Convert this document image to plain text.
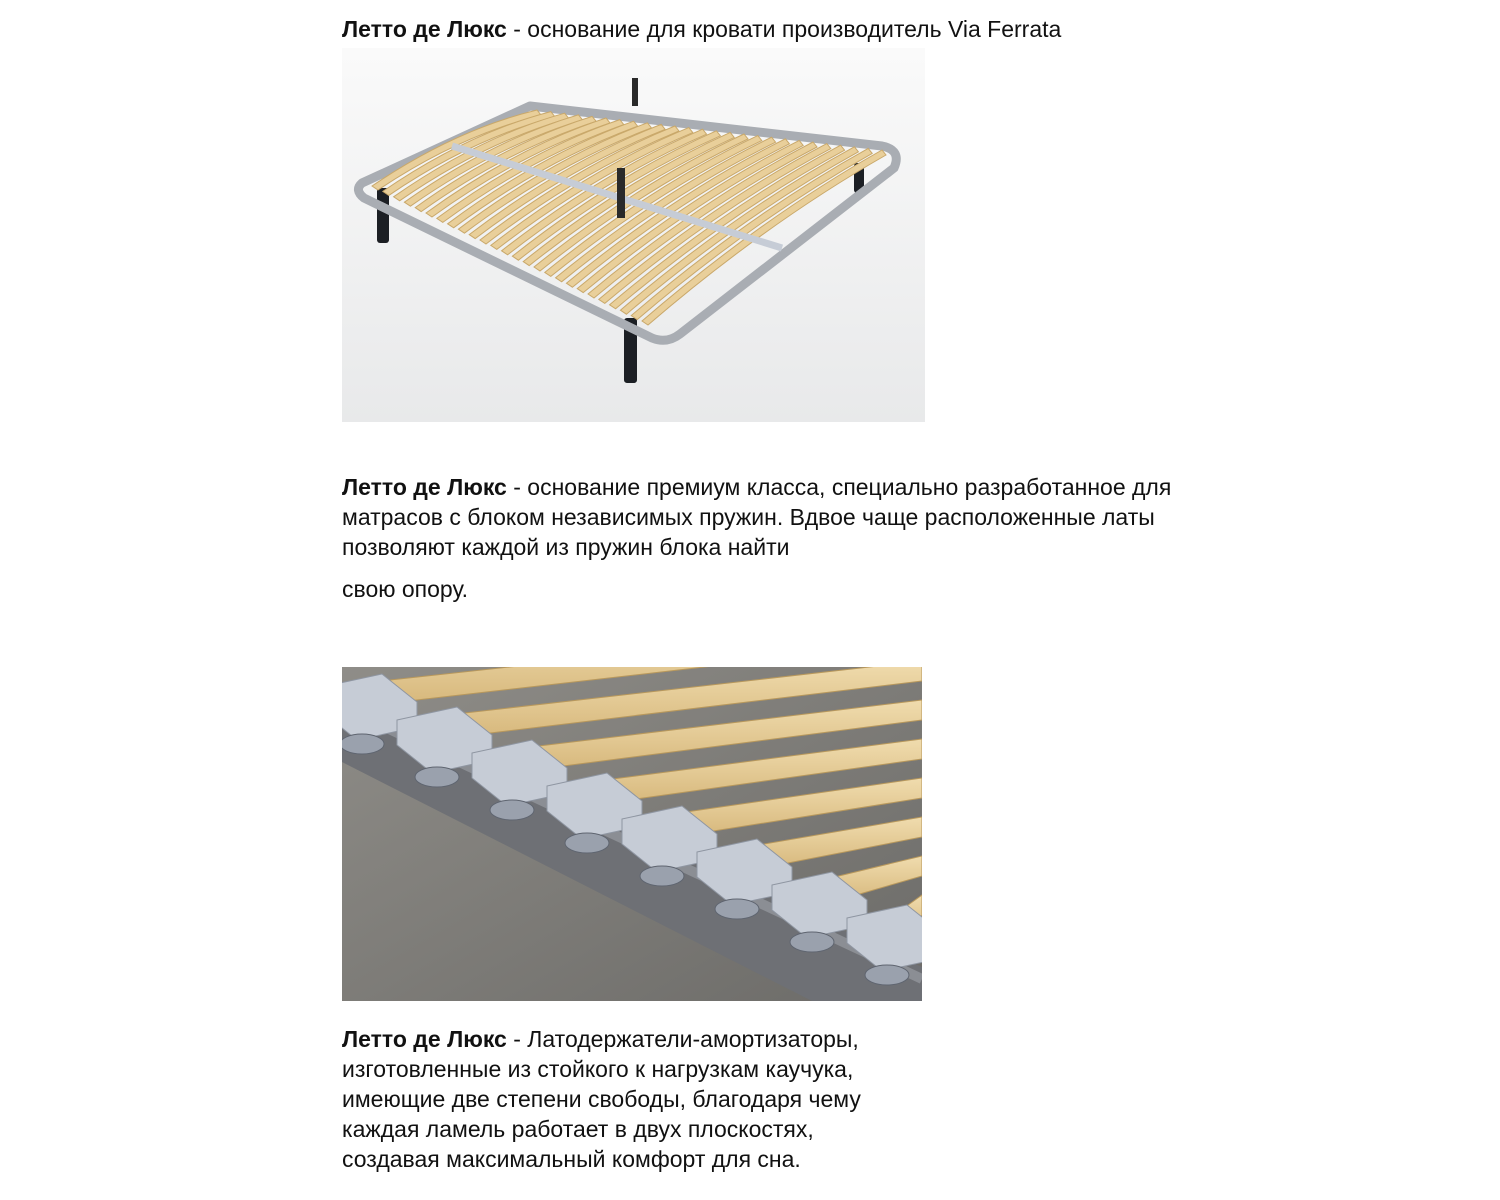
Летто де Люкс - основание для кровати производитель Via Ferrata
Летто де Люкс - основание премиум класса, специально разработанное для матрасов с блоком независимых пружин. Вдвое чаще расположенные латы позволяют каждой из пружин блока найти
свою опору.
Летто де Люкс - Латодержатели-амортизаторы, изготовленные из стойкого к нагрузкам каучука, имеющие две степени свободы, благодаря чему каждая ламель работает в двух плоскостях, создавая максимальный комфорт для сна.
